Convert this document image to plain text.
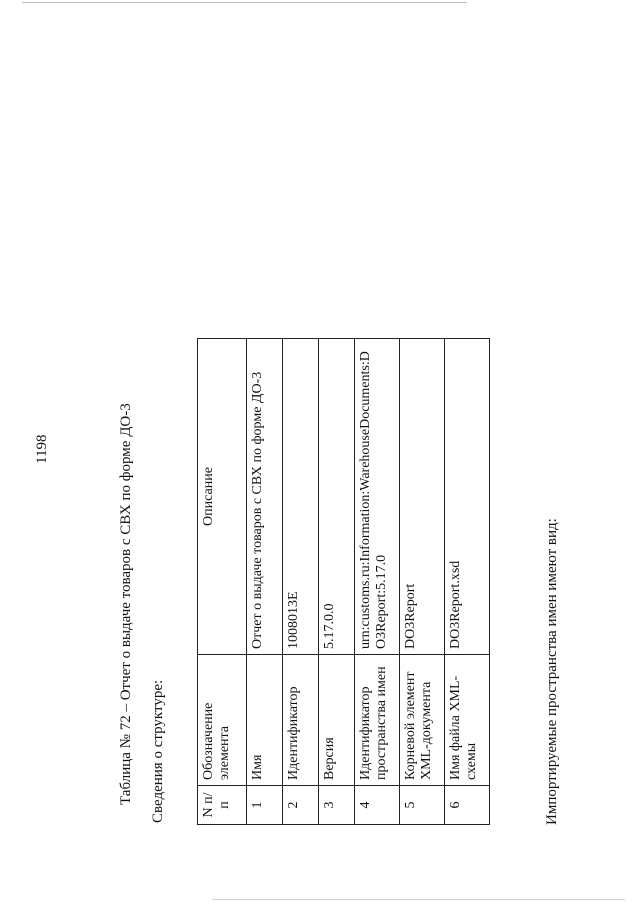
1198	Таблица № 72 – Отчет о выдаче товаров с СВХ по форме ДО-3 Сведения о структуре:	N п/п	Обозначение элемента	Описание
1	Имя	Отчет о выдаче товаров с СВХ по форме ДО-3
2	Идентификатор	1008013E
3	Версия	5.17.0.0
4	Идентификатор пространства имен	urn:customs.ru:Information:WarehouseDocuments:DO3Report:5.17.0
5	Корневой элемент XML-документа	DO3Report
6	Имя файла XML-схемы	DO3Report.xsd	Импортируемые пространства имен имеют вид:
